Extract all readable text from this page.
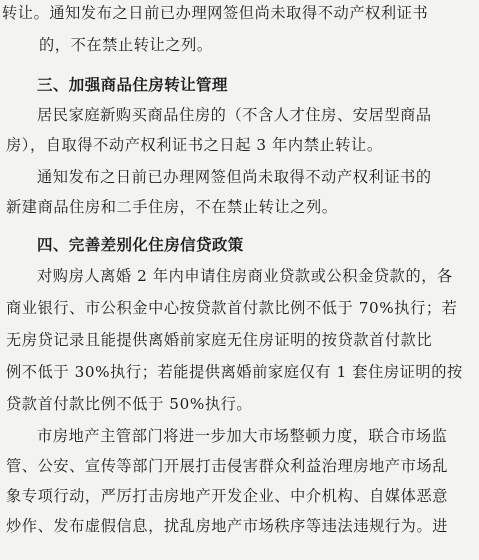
转让。通知发布之日前已办理网签但尚未取得不动产权利证书
的，不在禁止转让之列。
三、加强商品住房转让管理
居民家庭新购买商品住房的（不含人才住房、安居型商品
房），自取得不动产权利证书之日起 3 年内禁止转让。
通知发布之日前已办理网签但尚未取得不动产权利证书的
新建商品住房和二手住房，不在禁止转让之列。
四、完善差别化住房信贷政策
对购房人离婚 2 年内申请住房商业贷款或公积金贷款的，各
商业银行、市公积金中心按贷款首付款比例不低于 70%执行；若
无房贷记录且能提供离婚前家庭无住房证明的按贷款首付款比
例不低于 30%执行；若能提供离婚前家庭仅有 1 套住房证明的按
贷款首付款比例不低于 50%执行。
市房地产主管部门将进一步加大市场整顿力度，联合市场监
管、公安、宣传等部门开展打击侵害群众利益治理房地产市场乱
象专项行动，严厉打击房地产开发企业、中介机构、自媒体恶意
炒作、发布虚假信息，扰乱房地产市场秩序等违法违规行为。进
